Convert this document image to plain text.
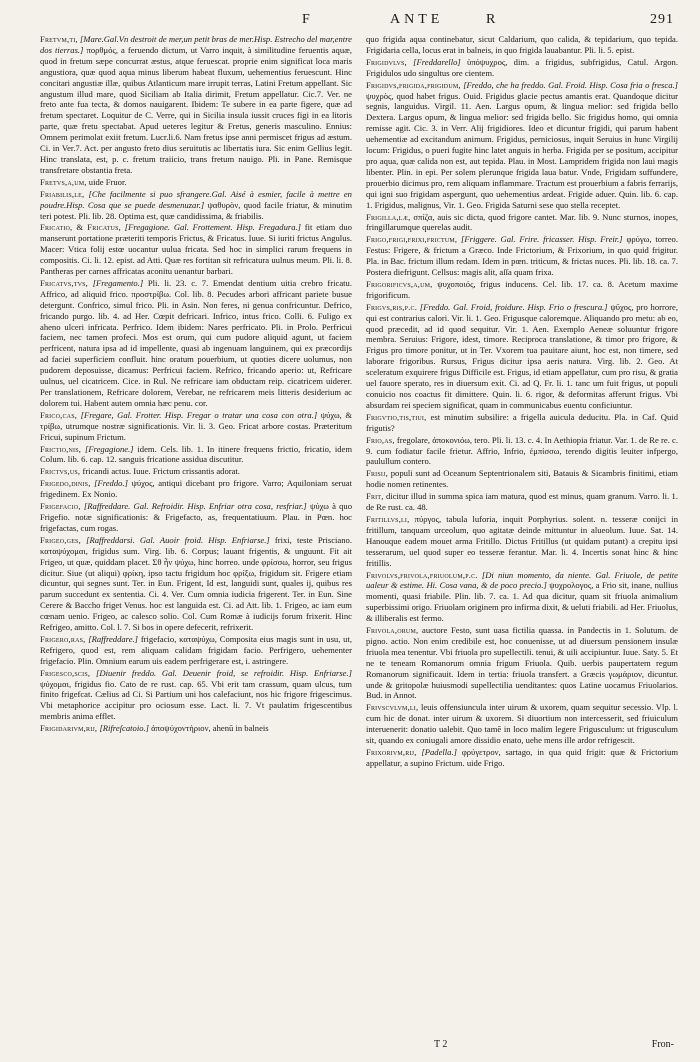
F	ANTE	R	291

Fretvm,ti, [Mare.Gal.Vn destroit de mer,un petit bras de mer.Hisp. Estrecho del mar,entre dos tierras.] πορθμός, a feruendo dictum, ut Varro inquit, à similitudine feruentis aquæ, quod in fretum sæpe concurrat æstus, atque feruescat. proprie enim significat loca maris angustiora, quæ quod aqua minus liberum habeat fluxum, uehementius feruescunt. Hinc concitari angustiæ illæ, quibus Atlanticum mare irrupit terras, Latini Fretum appellant. Sic angustum illud mare, quod Siciliam ab Italia dirimit, Fretum appellatur. Cic.7. Ver. ne freto ante fua tecta, & domos nauigarent. Ibidem: Te subere in ea parte figere, quæ ad fretum spectaret. Loquitur de C. Verre, qui in Sicilia insula iussit cruces figi in ea litoris parte, quæ fretu spectabat. Apud ueteres legitur & Fretus, generis masculino. Ennius: Omnem perimolat exiit fretum. Lucr.li.6. Nam fretus ipse anni permiscet frigus ad æstum. Ci. in Ver.7. Act. per angusto freto dius seruitutis ac libertatis iura. Sic enim Gellius legit. Hinc translata, est, p. c. fretum traiicio, trans fretum nauigo. Pli. in Pane. Remisque transfretare obstantia freta.

Fretvs,a,um, uide Fruor.

Friabilis,le, [Che facilmente si puo sfrangere.Gal. Aisé à esmier, facile à mettre en poudre.Hisp. Cosa que se puede desmenuzar.] ψαθυρὸν, quod facile friatur, & minutim teri potest. Pli. lib. 28. Optima est, quæ candidissima, & friabilis.

Fricatio, & Fricatus, [Fregagione. Gal. Frottement. Hisp. Fregadura.] fit etiam duo manserunt portatione præteriti temporis Frictus, & Fricatus. Iuue. Si iuriti frictus Angulus. Macer: Vtica folij estœ uocantur uulua fricata. Sed hoc in simplici rarum frequens in compositis. Ci. li. 12. epist. ad Atti. Quæ res fortitan sit refricatura uulnus meum. Pli. li. 8. Pantheras per carnes affricatas aconitu uenantur barbari.

Fricatvs,tvs, [Fregamento.] Pli. li. 23. c. 7. Emendat dentium uitia crebro fricatu. Affrico, ad aliquid frico. προστρίβω. Col. lib. 8. Pecudes arbori affricant pariete busue detergunt. Confrico, simul frico. Pli. in Asin. Non feres, ni genua confricuntur. Defrico, fricando purgo. lib. 4. ad Her. Cœpit defricari. Infrico, intus frico. Colli. 6. Fuligo ex aheno ulceri infricata. Perfrico. Idem ibidem: Nares perfricato. Pli. in Prolo. Perfricui faciem, nec tamen profeci. Mos est orum, qui cum pudore aliquid agunt, ut faciem perfricent, natura ipsa ad id impellente, quasi ab ingenuam languinem, qui ex præcordijs ad faciei superficiem confluit. hinc oratum pouerbium, ut quoties dicere uolumus, non pudorem deposuisse, dicamus: Perfricui faciem. Refrico, fricando aperio: ut, Refricare uulnus, uel cicatricem. Cice. in Rul. Ne refricare iam obductam reip. cicatricem uiderer. Per translationem, Refricare dolorem, Verebar, ne refricarem meis litteris desiderium ac dolorem tui. Habent autem omnia hæc penu. cor.

Frico,cas, [Fregare, Gal. Frotter. Hisp. Fregar o tratar una cosa con otra.] ψύχω, & τρίβω, utrumque nostræ significationis. Vir. li. 3. Geo. Fricat arbore costas. Præteritum Fricui, supinum Frictum.

Frictio,nis, [Fregagione.] idem. Cels. lib. 1. In itinere frequens frictio, fricatio, idem Colum. lib. 6. cap. 12. sanguis fricatione assidua discutitur.

Frictvs,us, fricandi actus. Iuue. Frictum crissantis adorat.

Frigedo,dinis, [Freddo.] ψύχος, antiqui dicebant pro frigore. Varro; Aquiloniam seruat frigedinem. Ex Nonio.

Frigefacio, [Raffreddare. Gal. Refroidir. Hisp. Enfriar otra cosa, resfriar.] ψύχω à quo Frigefio. notæ significationis: & Frigefacto, as, frequentatiuum. Plau. in Pœn. hoc frigefactas, cum rogas.

Frigeo,ges, [Raffreddarsi. Gal. Auoir froid. Hisp. Enfriarse.] frixi, teste Prisciano. καταψύχομαι, frigidus sum. Virg. lib. 6. Corpus; lauant frigentis, & unguunt. Fit ait Frigeo, ut quæ, quiddam placet. Σθ ἦν ψύχω, hinc horreo. unde φρίσσω, horror, seu frigus dicitur. Siue (ut aliqui) φρίκη, ipso tactu frigidum hoc φρίξω, frigidum sit. Frigere etiam dicuntur, qui segnes sunt. Ter. in Eun. Frigent, Id est, languidi sunt, quales ij, quibus res parum succedunt ex sententia. Ci. 4. Ver. Cum omnia iudicia frigerent. Ter. in Eun. Sine Cerere & Baccho friget Venus. hoc est languida est. Ci. ad Att. lib. 1. Frigeo, ac iam eum cœnam uenio. Frigeo, ac calesco solio. Col. Cum Romæ à iudicijs forum frixerit. Hinc Refrigeo, amitto. Col. l. 7. Si bos in opere defecerit, refrixerit.

Frigero,ras, [Raffreddare.] frigefacio, καταψύχω, Composita eius magis sunt in usu, ut, Refrigero, quod est, rem aliquam calidam frigidam facio. Perfrigero, uehementer frigefacio. Plin. Omnium earum uis eadem perfrigerare est, i. astringere.

Frigesco,scis, [Diuenir freddo. Gal. Deuenir froid, se refroidir. Hisp. Enfriarse.] ψύχομαι, frigidus fio. Cato de re rust. cap. 65. Vbi erit tam crassum, quam ulcus, tum finito frigefcat. Cælius ad Ci. Si Partium uni hos calefaciunt, nos hic frigore frigescimus. Vbi metaphorice accipitur pro ociosum esse. Lact. li. 7. Vt paulatim frigescentibus membris anima efflet.

Frigidarivm,rij, [Rifreſcatoio.] ἀποψύχοντήριον, ahenū in balneis

quo frigida aqua continebatur, sicut Caldarium, quo calida, & tepidarium, quo tepida. Frigidaria cella, locus erat in balneis, in quo frigida lauabantur. Pli. li. 5. epist.

Frigidvlvs, [Freddarello] ὑπόψυχρος, dim. a frigidus, subfrigidus, Catul. Argon. Frigidulos udo singultus ore cientem.

Frigidvs,frigida,frigidum, [Freddo, che ha freddo. Gal. Froid. Hisp. Cosa fria o fresca.] ψυχρὸς, quod habet frigus. Ouid. Frigidus glacie pectus amantis erat. Quandoque dicitur segnis, languidus. Virgil. 11. Aen. Largus opum, & lingua melior: sed frigida bello Dextera. Largus opum, & lingua melior: sed frigida bello. Sic frigidus homo, qui omnia remisse agit. Cic. 3. in Verr. Alij frigidiores. Ideo et dicuntur frigidi, qui parum habent uehementiæ ad excitandum animum. Frigidus, perniciosus, inquit Seruius in hunc Virgilij locum: Frigidus, o pueri fugite hinc latet anguis in herba. Frigida per se positum, accipitur pro aqua, quæ calida non est, aut tepida. Plau. in Most. Lampridem frigida non laui magis libenter. Plin. in epi. Per solem plerunque frigida laua batur. Vnde, Frigidam suffundere, prouerbio dicimus pro, rem aliquam inflammare. Tractum est prouerbium a fabris ferrarijs, qui igni suo frigidam aspergunt, quo uehementius ardeat. Frigide aduer. Quin. lib. 6. cap. 1. Frigidus, malignus, Vir. 1. Geo. Frigida Saturni sese quo stella receptet.

Frigilla,læ, σπίζα, auis sic dicta, quod frigore cantet. Mar. lib. 9. Nunc sturnos, inopes, fringillarumque querelas audit.

Frigo,frigi,frixi,frictum, [Friggere. Gal. Frire. fricasser. Hisp. Freir.] φρύγω, torreo. Festus: Frigere, & frictum a Græco. Inde Frictorium, & Frixorium, in quo quid frigitur. Pla. in Bac. frictum illum redam. Idem in pœn. triticum, & frictas nuces. Pli. lib. 18. ca. 7. Posterа diefrigunt. Cellsus: magis alit, aſſa quam frixa.

Frigorificvs,a,um, ψυχοποιός, frigus inducens. Cel. lib. 17. ca. 8. Acetum maxime frigorificum.

Frigvs,ris,p.c. [Freddo. Gal. Froid, froidure. Hisp. Frio o frescura.] ψῦχος, pro horrore, qui est contrarius calori. Vir. li. 1. Geo. Frigusque caloremque. Aliquando pro metu: ab eo, quod præcedit, ad id quod sequitur. Vir. 1. Aen. Exemplo Aeneæ soluuntur frigore membra. Seruius: Frigore, idest, timore. Reciproca translatione, & timor pro frigore, & Frigus pro timore ponitur, ut in Ter. Vxorem tua pauitare aiunt, hoc est, non timere, sed laborare frigoribus. Rursus, Frigus dicitur ipsa aeris natura. Virg. lib. 2. Geo. At sceleratum exquirere frigus Difficile est. Frigus, id etiam appellatur, cum pro risu, & gratia uel fauore sperato, res in diuersum exit. Ci. ad Q. Fr. li. 1. tanc um fuit frigus, ut populi conuicio nos coactus fit dimittere. Quin. li. 6. rigor, & deformitas afferunt frigus. Vbi absurdam rei speciem significat, quam in communicabus euentu conficiuntur.

Frigvtio,tis,tiui, est minutim subsilire: a frigella auicula deducitu. Pla. in Caf. Quid frigutis?

Frio,as, fregolare, ἀποκονιόω, tero. Pli. li. 13. c. 4. In Aethiopia friatur. Var. 1. de Re re. c. 9. cum fodiatur facile frietur. Affrio, Infrio, ἐμπίσσω, terendo digitis leuiter infpergo, paulullum contero.

Frisij, populi sunt ad Oceanum Septentrionalem siti, Batauis & Sicambris finitimi, etiam hodie nomen retinentes.

Frit, dicitur illud in summa spica iam matura, quod est minus, quam granum. Varro. li. 1. de Re rust. ca. 48.

Fritillvs,li, πύργος, tabula luforia, inquit Porphyrius. solent. n. tesseræ conijci in fritillum, tanquam urceolum, quo agitatæ deinde mittuntur in alueolum. Iuue. Sat. 14. Hanouque eadem mouet arma Fritillo. Dictus Fritillus (ut quidam putant) a crepitu ipsi tesserarum, uel quod super eo tesseræ ferantur. Mar. li. 4. Incertis sonat hinc & hinc fritillis.

Frivolvs,frivola,friuolum,p.c. [Di niun momento, da niente. Gal. Friuole, de petite ualeur & estime. Hi. Cosa vana, & de poco precio.] ψυχρολογος, a Frio sit, inane, nullius momenti, quasi friabile. Plin. lib. 7. ca. 1. Ad qua dicitur, quam sit friuola animalium superbissimi origo. Friuolam originem pro infirma dixit, & ueluti friabili. ad Her. Friuolus, & illiberalis est fermo.

Frivola,orum, auctore Festo, sunt uasa fictilia quassa. in Pandectis in 1. Solutum. de pigno. actio. Non enim credibile est, hoc conuenisse, ut ad diuersum pensionem insulæ friuola mea tenentur. Vbi friuola pro supellectili. tenui, & uili accipiuntur. Iuue. Saty. 5. Et ne te teneam Romanorum omnia frigum Friuola. Quib. uerbis paupertatem regum Romanorum significauit. Idem in tertia: friuola transfert. a Græcis γωμάριον, dicuntur. unde & gritopolæ huiusmodi supellectilia uenditantes: quos Latine uocamus Friuolarios. Bud. in Annot.

Frivscvlvm,li, leuis offensiuncula inter uirum & uxorem, quam sequitur secessio. Vlp. l. cum hic de donat. inter uirum & uxorem. Si diuortium non intercesserit, sed friuiculum interuenerit: donatio ualebit. Quo tamē in loco malim legere Frigusculum: ut frigusculum sit, quando ex coniugali amore dissidio enato, uehe mens ille ardor refrigescit.

Frixorivm,rij, [Padella.] φρύγετρον, sartago, in qua quid frigit: quæ & Frictorium appellatur, a supino Frictum. uide Frigo.

T 2	Fron-
